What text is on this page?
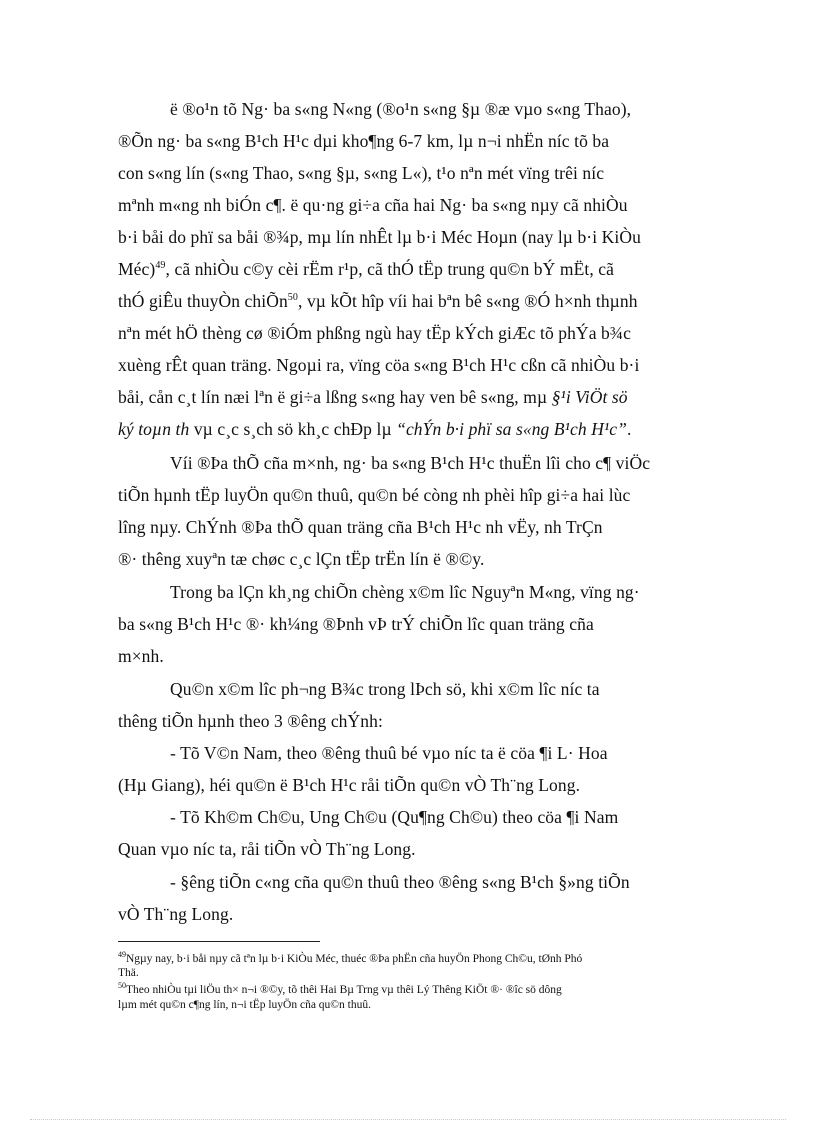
ë ®o¹n tõ Ng· ba s«ng N«ng (®o¹n s«ng §µ ®æ vµo s«ng Thao),
®Õn ng· ba s«ng B¹ch H¹c dµi kho¶ng 6-7 km, lµ n¬i nhËn níc tõ ba
con s«ng lín (s«ng Thao, s«ng §µ, s«ng L«), t¹o nªn mét vïng trêi níc
mªnh m«ng nh biÓn c¶. ë qu·ng gi÷a cña hai Ng· ba s«ng nµy cã nhiÒu
b·i båi do phï sa båi ®¾p, mµ lín nhÊt lµ b·i Méc Hoµn (nay lµ b·i KiÒu
Méc)$^{49}$, cã nhiÒu c©y cèi rËm r¹p, cã thÓ tËp trung qu©n bÝ mËt, cã
thÓ giÊu thuyÒn chiÕn$^{50}$, vµ kÕt hîp víi hai bªn bê s«ng ®Ó h×nh thµnh
nªn mét hÖ thèng cø ®iÓm phßng ngù hay tËp kÝch giÆc tõ phÝa b¾c
xuèng rÊt quan träng. Ngoµi ra, vïng cöa s«ng B¹ch H¹c cßn cã nhiÒu b·i
båi, cån c¸t lín næi lªn ë gi÷a lßng s«ng hay ven bê s«ng, mµ §¹i ViÖt sö
ký toµn th vµ c¸c s¸ch sö kh¸c chÐp lµ “chÝn b·i phï sa s«ng B¹ch H¹c”.
Víi ®Þa thÕ cña m×nh, ng· ba s«ng B¹ch H¹c thuËn lîi cho c¶ viÖc
tiÕn hµnh tËp luyÖn qu©n thuû, qu©n bé còng nh phèi hîp gi÷a hai lùc
lîng nµy. ChÝnh ®Þa thÕ quan träng cña B¹ch H¹c nh vËy, nh TrÇn
®· thêng xuyªn tæ chøc c¸c lÇn tËp trËn lín ë ®©y.
Trong ba lÇn kh¸ng chiÕn chèng x©m lîc Nguyªn M«ng, vïng ng·
ba s«ng B¹ch H¹c ®· kh¼ng ®Þnh vÞ trÝ chiÕn lîc quan träng cña
m×nh.
Qu©n x©m lîc ph¬ng B¾c trong lÞch sö, khi x©m lîc níc ta
thêng tiÕn hµnh theo 3 ®êng chÝnh:
- Tõ V©n Nam, theo ®êng thuû bé vµo níc ta ë cöa ¶i L· Hoa
(Hµ Giang), héi qu©n ë B¹ch H¹c råi tiÕn qu©n vÒ Th¨ng Long.
- Tõ Kh©m Ch©u, Ung Ch©u (Qu¶ng Ch©u) theo cöa ¶i Nam
Quan vµo níc ta, råi tiÕn vÒ Th¨ng Long.
- §êng tiÕn c«ng cña qu©n thuû theo ®êng s«ng B¹ch §»ng tiÕn
vÒ Th¨ng Long.
$^{49}$Ngµy nay, b·i båi nµy cã tªn lµ b·i KiÒu Méc, thuéc ®Þa phËn cña huyÖn Phong Ch©u, tØnh Phó
Thä.
$^{50}$Theo nhiÒu tµi liÖu th× n¬i ®©y, tõ thêi Hai Bµ Trng vµ thêi Lý Thêng KiÖt ®· ®îc sö dông
lµm mét qu©n c¶ng lín, n¬i tËp luyÖn cña qu©n thuû.
